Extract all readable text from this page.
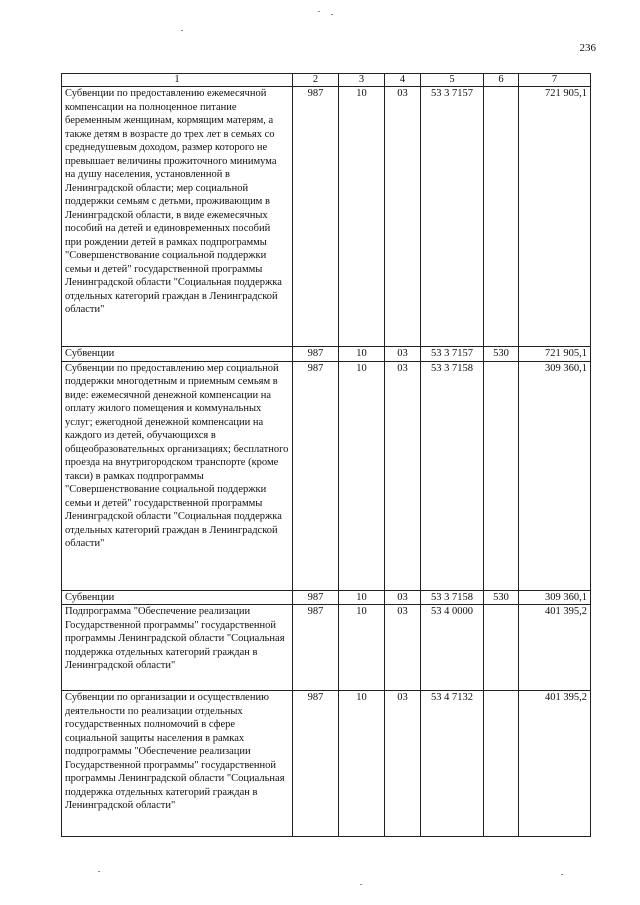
236
1	2	3	4	5	6	7
Субвенции по предоставлению ежемесячной компенсации на полноценное питание беременным женщинам, кормящим матерям, а также детям в возрасте до трех лет в семьях со среднедушевым доходом, размер которого не превышает величины прожиточного минимума на душу населения, установленной в Ленинградской области; мер социальной поддержки семьям с детьми, проживающим в Ленинградской области, в виде ежемесячных пособий на детей и единовременных пособий при рождении детей в рамках подпрограммы "Совершенствование социальной поддержки семьи и детей" государственной программы Ленинградской области "Социальная поддержка отдельных категорий граждан в Ленинградской области"	987	10	03	53 3 7157		721 905,1
Субвенции	987	10	03	53 3 7157	530	721 905,1
Субвенции по предоставлению мер социальной поддержки многодетным и приемным семьям в виде: ежемесячной денежной компенсации на оплату жилого помещения и коммунальных услуг; ежегодной денежной компенсации на каждого из детей, обучающихся в общеобразовательных организациях; бесплатного проезда на внутригородском транспорте (кроме такси) в рамках подпрограммы "Совершенствование социальной поддержки семьи и детей" государственной программы Ленинградской области "Социальная поддержка отдельных категорий граждан в Ленинградской области"	987	10	03	53 3 7158		309 360,1
Субвенции	987	10	03	53 3 7158	530	309 360,1
Подпрограмма "Обеспечение реализации Государственной программы" государственной программы Ленинградской области "Социальная поддержка отдельных категорий граждан в Ленинградской области"	987	10	03	53 4 0000		401 395,2
Субвенции по организации и осуществлению деятельности по реализации отдельных государственных полномочий в сфере социальной защиты населения в рамках подпрограммы "Обеспечение реализации Государственной программы" государственной программы Ленинградской области "Социальная поддержка отдельных категорий граждан в Ленинградской области"	987	10	03	53 4 7132		401 395,2
